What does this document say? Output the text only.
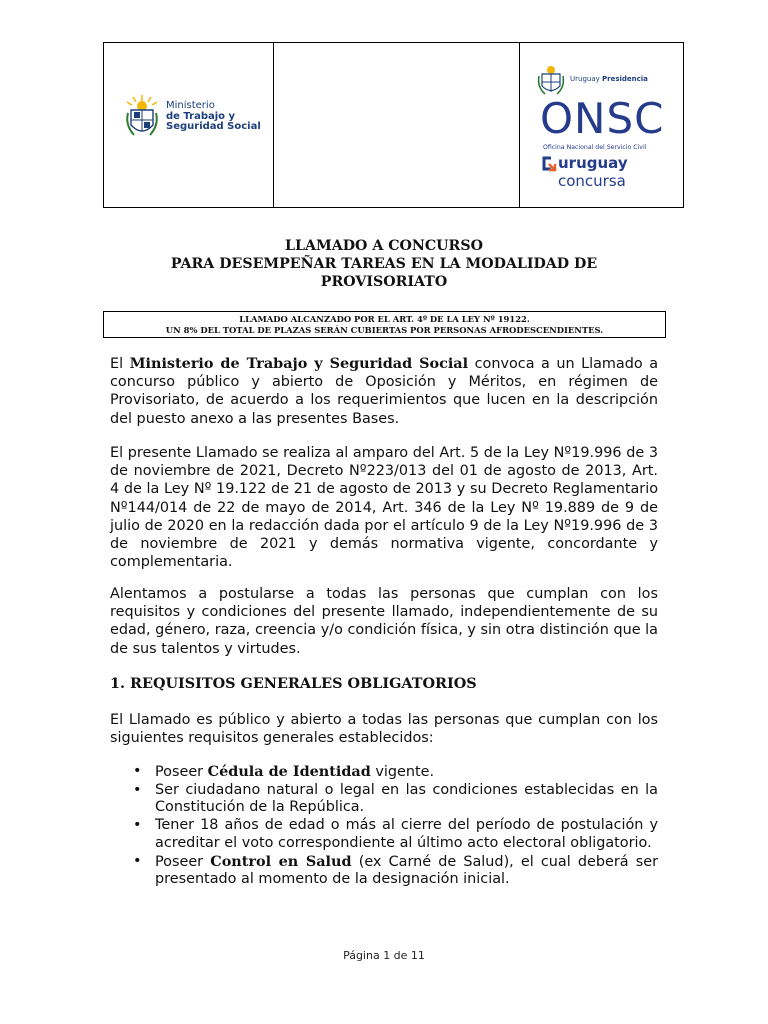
Ministerio
de Trabajo y
Seguridad Social
Uruguay Presidencia
ONSC
Oficina Nacional del Servicio Civil
uruguay concursa
LLAMADO A CONCURSO
PARA DESEMPEÑAR TAREAS EN LA MODALIDAD DE
PROVISORIATO
LLAMADO ALCANZADO POR EL ART. 4º DE LA LEY Nº 19122.
UN 8% DEL TOTAL DE PLAZAS SERÁN CUBIERTAS POR PERSONAS AFRODESCENDIENTES.
El Ministerio de Trabajo y Seguridad Social convoca a un Llamado a concurso público y abierto de Oposición y Méritos, en régimen de Provisoriato, de acuerdo a los requerimientos que lucen en la descripción del puesto anexo a las presentes Bases.
El presente Llamado se realiza al amparo del Art. 5 de la Ley Nº19.996 de 3 de noviembre de 2021, Decreto Nº223/013 del 01 de agosto de 2013, Art. 4 de la Ley Nº 19.122 de 21 de agosto de 2013 y su Decreto Reglamentario Nº144/014 de 22 de mayo de 2014, Art. 346 de la Ley Nº 19.889 de 9 de julio de 2020 en la redacción dada por el artículo 9 de la Ley Nº19.996 de 3 de noviembre de 2021 y demás normativa vigente, concordante y complementaria.
Alentamos a postularse a todas las personas que cumplan con los requisitos y condiciones del presente llamado, independientemente de su edad, género, raza, creencia y/o condición física, y sin otra distinción que la de sus talentos y virtudes.
1. REQUISITOS GENERALES OBLIGATORIOS
El Llamado es público y abierto a todas las personas que cumplan con los siguientes requisitos generales establecidos:
• Poseer Cédula de Identidad vigente.
• Ser ciudadano natural o legal en las condiciones establecidas en la Constitución de la República.
• Tener 18 años de edad o más al cierre del período de postulación y acreditar el voto correspondiente al último acto electoral obligatorio.
• Poseer Control en Salud (ex Carné de Salud), el cual deberá ser presentado al momento de la designación inicial.
Página 1 de 11
